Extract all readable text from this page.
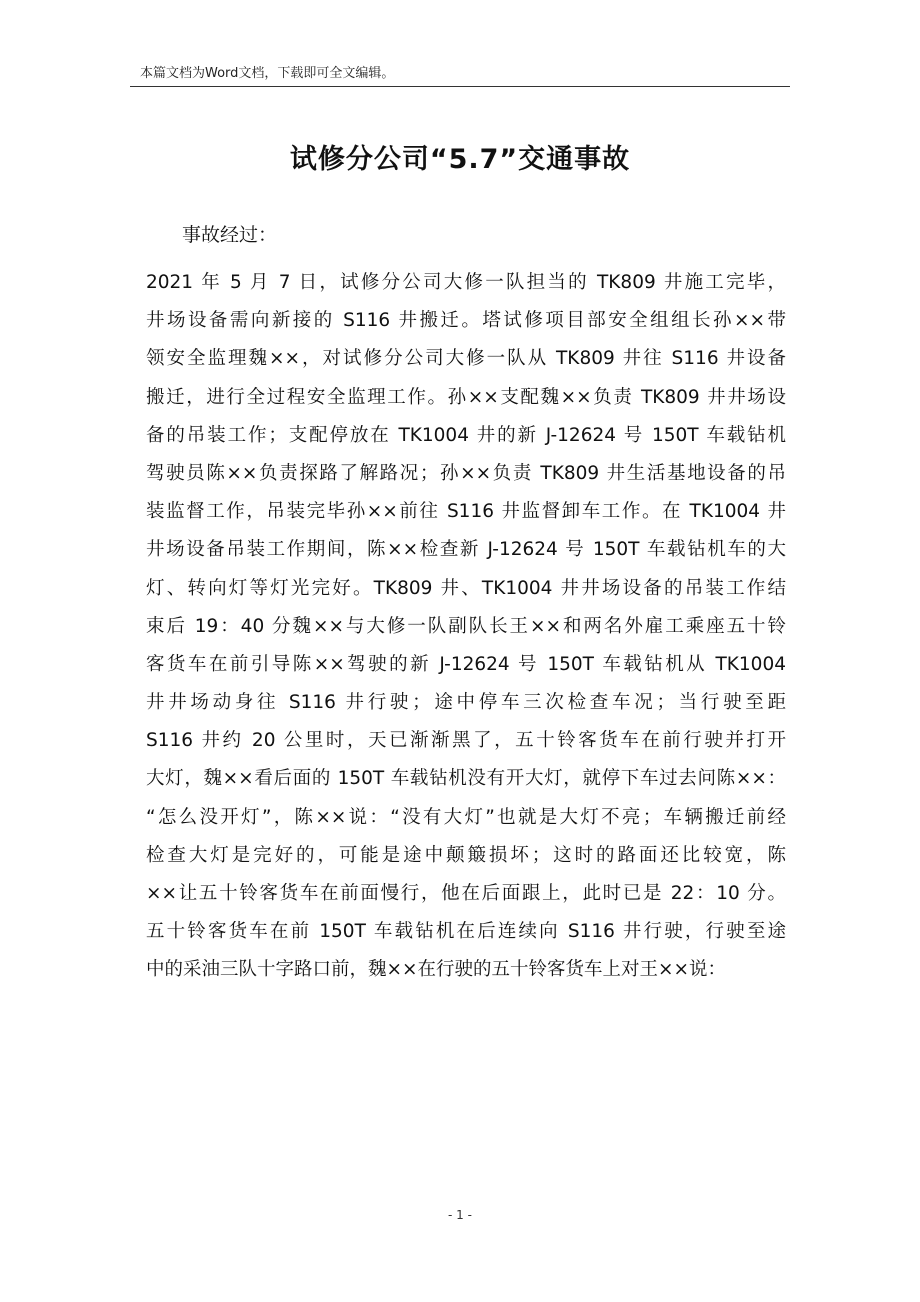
本篇文档为Word文档，下载即可全文编辑。
试修分公司“5.7”交通事故
事故经过：
2021 年 5 月 7 日，试修分公司大修一队担当的 TK809 井施工完毕，
井场设备需向新接的 S116 井搬迁。塔试修项目部安全组组长孙××带
领安全监理魏××，对试修分公司大修一队从 TK809 井往 S116 井设备
搬迁，进行全过程安全监理工作。孙××支配魏××负责 TK809 井井场设
备的吊装工作；支配停放在 TK1004 井的新 J-12624 号 150T 车载钻机
驾驶员陈××负责探路了解路况；孙××负责 TK809 井生活基地设备的吊
装监督工作，吊装完毕孙××前往 S116 井监督卸车工作。在 TK1004 井
井场设备吊装工作期间，陈××检查新 J-12624 号 150T 车载钻机车的大
灯、转向灯等灯光完好。TK809 井、TK1004 井井场设备的吊装工作结
束后 19：40 分魏××与大修一队副队长王××和两名外雇工乘座五十铃
客货车在前引导陈××驾驶的新 J-12624 号 150T 车载钻机从 TK1004
井井场动身往 S116 井行驶；途中停车三次检查车况；当行驶至距
S116 井约 20 公里时，天已渐渐黑了，五十铃客货车在前行驶并打开
大灯，魏××看后面的 150T 车载钻机没有开大灯，就停下车过去问陈××：
“怎么没开灯”，陈××说：“没有大灯”也就是大灯不亮；车辆搬迁前经
检查大灯是完好的，可能是途中颠簸损坏；这时的路面还比较宽，陈
××让五十铃客货车在前面慢行，他在后面跟上，此时已是 22：10 分。
五十铃客货车在前 150T 车载钻机在后连续向 S116 井行驶，行驶至途
中的采油三队十字路口前，魏××在行驶的五十铃客货车上对王××说：
- 1 -
